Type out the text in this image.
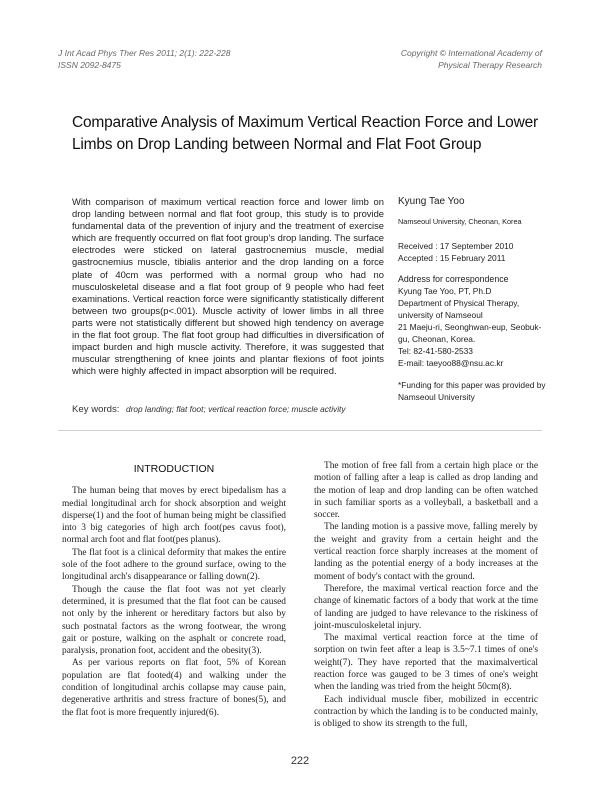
J Int Acad Phys Ther Res 2011; 2(1): 222-228
ISSN 2092-8475
Copyright © International Academy of
Physical Therapy Research
Comparative Analysis of Maximum Vertical Reaction Force and Lower
Limbs on Drop Landing between Normal and Flat Foot Group
With comparison of maximum vertical reaction force and lower limb on drop landing between normal and flat foot group, this study is to provide fundamental data of the prevention of injury and the treatment of exercise which are frequently occurred on flat foot group's drop landing. The surface electrodes were sticked on lateral gastrocnemius muscle, medial gastrocnemius muscle, tibialis anterior and the drop landing on a force plate of 40cm was performed with a normal group who had no musculoskeletal disease and a flat foot group of 9 people who had feet examinations. Vertical reaction force were significantly statistically different between two groups(p<.001). Muscle activity of lower limbs in all three parts were not statistically different but showed high tendency on average in the flat foot group. The flat foot group had difficulties in diversification of impact burden and high muscle activity. Therefore, it was suggested that muscular strengthening of knee joints and plantar flexions of foot joints which were highly affected in impact absorption will be required.
Kyung Tae Yoo
Namseoul University, Cheonan, Korea
Received : 17 September 2010
Accepted : 15 February 2011
Address for correspondence
Kyung Tae Yoo, PT, Ph.D
Department of Physical Therapy, university of Namseoul
21 Maeju-ri, Seonghwan-eup, Seobuk-gu, Cheonan, Korea.
Tel: 82-41-580-2533
E-mail: taeyoo88@nsu.ac.kr
*Funding for this paper was provided by Namseoul University
Key words: drop landing; flat foot; vertical reaction force; muscle activity
INTRODUCTION

The human being that moves by erect bipedalism has a medial longitudinal arch for shock absorption and weight disperse(1) and the foot of human being might be classified into 3 big categories of high arch foot(pes cavus foot), normal arch foot and flat foot(pes planus).

The flat foot is a clinical deformity that makes the entire sole of the foot adhere to the ground surface, owing to the longitudinal arch's disappearance or falling down(2).

Though the cause the flat foot was not yet clearly determined, it is presumed that the flat foot can be caused not only by the inherent or hereditary factors but also by such postnatal factors as the wrong footwear, the wrong gait or posture, walking on the asphalt or concrete road, paralysis, pronation foot, accident and the obesity(3).

As per various reports on flat foot, 5% of Korean population are flat footed(4) and walking under the condition of longitudinal archis collapse may cause pain, degenerative arthritis and stress fracture of bones(5), and the flat foot is more frequently injured(6).

The motion of free fall from a certain high place or the motion of falling after a leap is called as drop landing and the motion of leap and drop landing can be often watched in such familiar sports as a volleyball, a basketball and a soccer.

The landing motion is a passive move, falling merely by the weight and gravity from a certain height and the vertical reaction force sharply increases at the moment of landing as the potential energy of a body increases at the moment of body's contact with the ground.

Therefore, the maximal vertical reaction force and the change of kinematic factors of a body that work at the time of landing are judged to have relevance to the riskiness of joint-musculoskeletal injury.

The maximal vertical reaction force at the time of sorption on twin feet after a leap is 3.5~7.1 times of one's weight(7). They have reported that the maximalvertical reaction force was gauged to be 3 times of one's weight when the landing was tried from the height 50cm(8).

Each individual muscle fiber, mobilized in eccentric contraction by which the landing is to be conducted mainly, is obliged to show its strength to the full,

222
